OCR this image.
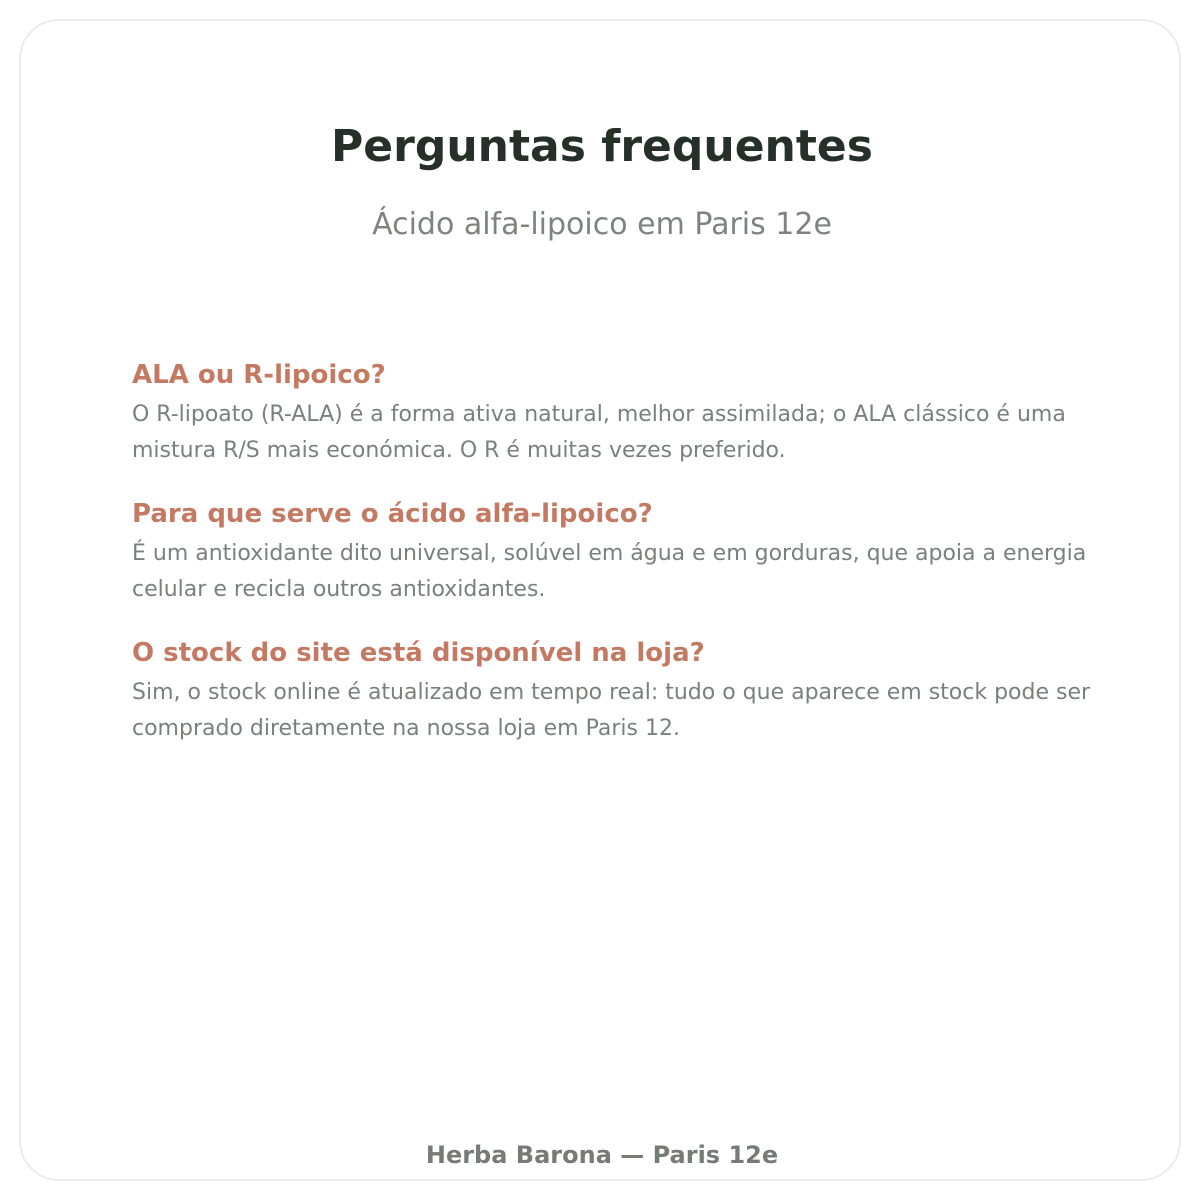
Perguntas frequentes

Ácido alfa-lipoico em Paris 12e

ALA ou R-lipoico?

O R-lipoato (R-ALA) é a forma ativa natural, melhor assimilada; o ALA clássico é uma mistura R/S mais económica. O R é muitas vezes preferido.

Para que serve o ácido alfa-lipoico?

É um antioxidante dito universal, solúvel em água e em gorduras, que apoia a energia celular e recicla outros antioxidantes.

O stock do site está disponível na loja?

Sim, o stock online é atualizado em tempo real: tudo o que aparece em stock pode ser comprado diretamente na nossa loja em Paris 12.

Herba Barona — Paris 12e
